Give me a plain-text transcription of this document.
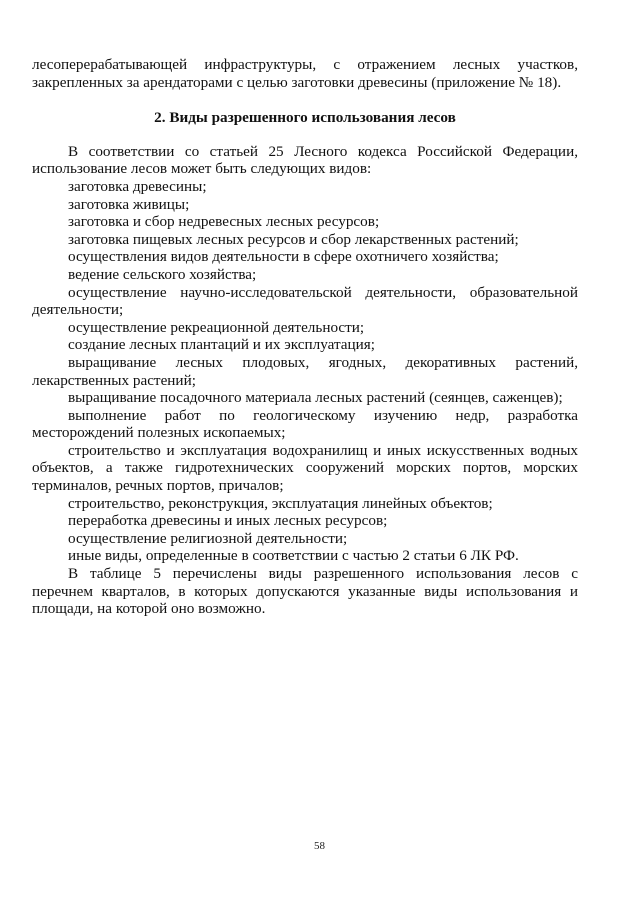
лесоперерабатывающей инфраструктуры, с отражением лесных участков, закрепленных за арендаторами с целью заготовки древесины (приложение № 18).

2. Виды разрешенного использования лесов

В соответствии со статьей 25 Лесного кодекса Российской Федерации, использование лесов может быть следующих видов:

заготовка древесины;

заготовка живицы;

заготовка и сбор недревесных лесных ресурсов;

заготовка пищевых лесных ресурсов и сбор лекарственных растений;

осуществления видов деятельности в сфере охотничего хозяйства;

ведение сельского хозяйства;

осуществление научно-исследовательской деятельности, образовательной деятельности;

осуществление рекреационной деятельности;

создание лесных плантаций и их эксплуатация;

выращивание лесных плодовых, ягодных, декоративных растений, лекарственных растений;

выращивание посадочного материала лесных растений (сеянцев, саженцев);

выполнение работ по геологическому изучению недр, разработка месторождений полезных ископаемых;

строительство и эксплуатация водохранилищ и иных искусственных водных объектов, а также гидротехнических сооружений морских портов, морских терминалов, речных портов, причалов;

строительство, реконструкция, эксплуатация линейных объектов;

переработка древесины и иных лесных ресурсов;

осуществление религиозной деятельности;

иные виды, определенные в соответствии с частью 2 статьи 6 ЛК РФ.

В таблице 5 перечислены виды разрешенного использования лесов с перечнем кварталов, в которых допускаются указанные виды использования и площади, на которой оно возможно.

58
